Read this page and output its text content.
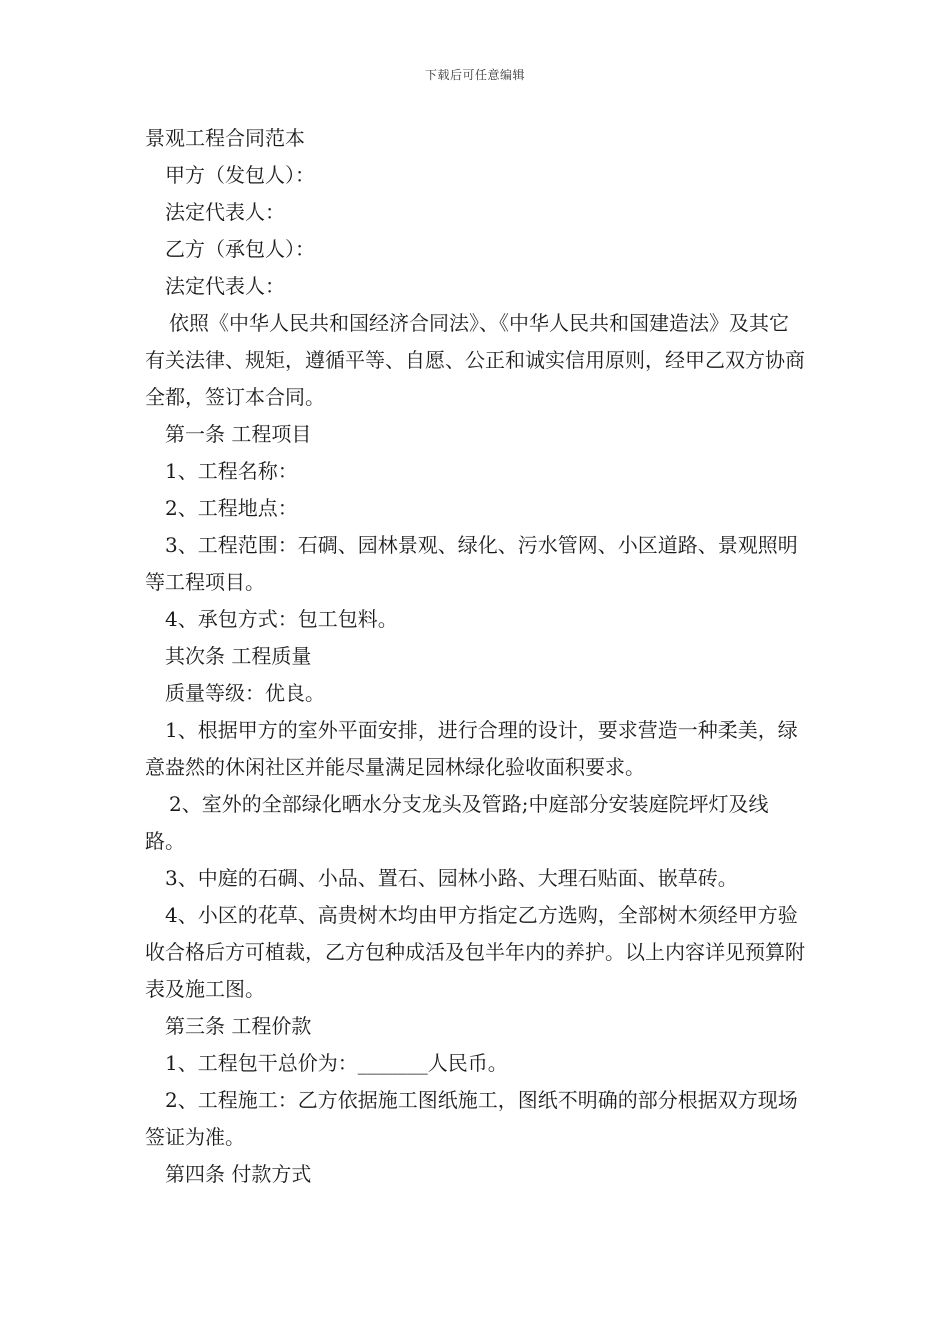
下载后可任意编辑

景观工程合同范本

甲方（发包人）：

法定代表人：

乙方（承包人）：

法定代表人：

依照《中华人民共和国经济合同法》、《中华人民共和国建造法》及其它有关法律、规矩，遵循平等、自愿、公正和诚实信用原则，经甲乙双方协商全都，签订本合同。

第一条 工程项目

1、工程名称：

2、工程地点：

3、工程范围：石碉、园林景观、绿化、污水管网、小区道路、景观照明等工程项目。

4、承包方式：包工包料。

其次条 工程质量

质量等级：优良。

1、根据甲方的室外平面安排，进行合理的设计，要求营造一种柔美，绿意盎然的休闲社区并能尽量满足园林绿化验收面积要求。

2、室外的全部绿化晒水分支龙头及管路;中庭部分安装庭院坪灯及线路。

3、中庭的石碉、小品、置石、园林小路、大理石贴面、嵌草砖。

4、小区的花草、高贵树木均由甲方指定乙方选购，全部树木须经甲方验收合格后方可植裁，乙方包种成活及包半年内的养护。以上内容详见预算附表及施工图。

第三条 工程价款

1、工程包干总价为：_______人民币。

2、工程施工：乙方依据施工图纸施工，图纸不明确的部分根据双方现场签证为准。

第四条 付款方式
